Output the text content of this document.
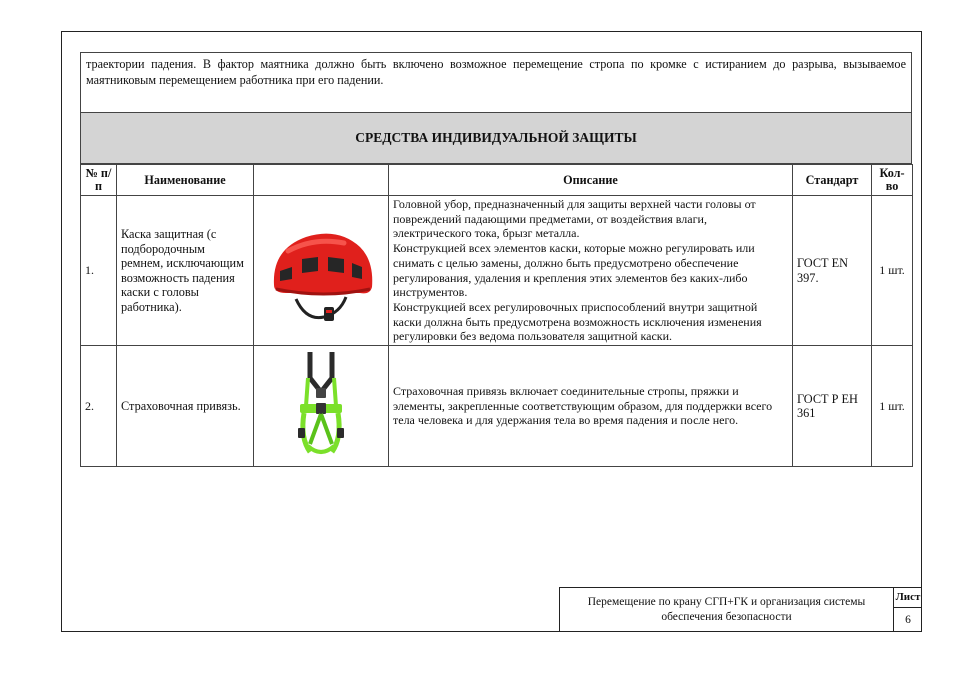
траектории падения. В фактор маятника должно быть включено возможное перемещение стропа по кромке с истиранием до разрыва, вызываемое маятниковым перемещением работника при его падении.
СРЕДСТВА ИНДИВИДУАЛЬНОЙ ЗАЩИТЫ
№ п/п	Наименование		Описание	Стандарт	Кол-во
1.	Каска защитная (с подбородочным ремнем, исключающим возможность падения каски с головы работника).		Головной убор, предназначенный для защиты верхней части головы от повреждений падающими предметами, от воздействия влаги, электрического тока, брызг металла.

Конструкцией всех элементов каски, которые можно регулировать или снимать с целью замены, должно быть предусмотрено обеспечение регулирования, удаления и крепления этих элементов без каких-либо инструментов.

Конструкцией всех регулировочных приспособлений внутри защитной каски должна быть предусмотрена возможность исключения изменения регулировки без ведома пользователя защитной каски.	ГОСТ EN 397.	1 шт.
2.	Страховочная привязь.		Страховочная привязь включает соединительные стропы, пряжки и элементы, закрепленные соответствующим образом, для поддержки всего тела человека и для удержания тела во время падения и после него.	ГОСТ Р ЕН 361	1 шт.
Перемещение по крану СГП+ГК и организация системы обеспечения безопасности
Лист
6
